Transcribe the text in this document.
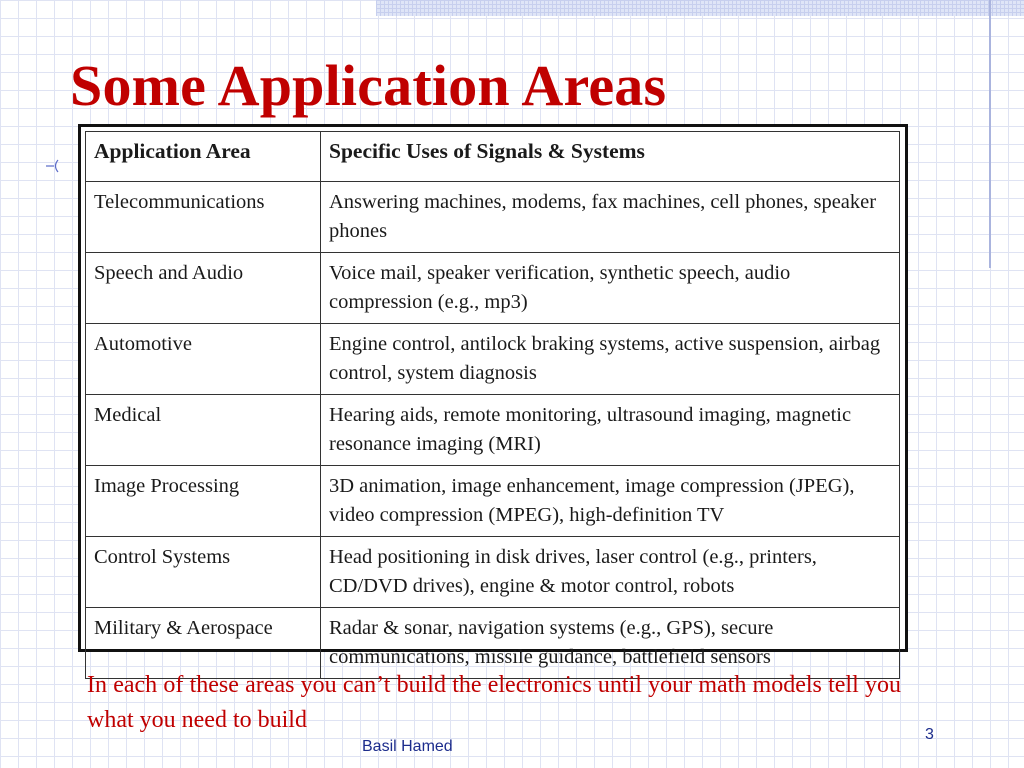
Some Application Areas
Application Area	Specific Uses of Signals & Systems
Telecommunications	Answering machines, modems, fax machines, cell phones, speaker phones
Speech and Audio	Voice mail, speaker verification, synthetic speech, audio compression (e.g., mp3)
Automotive	Engine control, antilock braking systems, active suspension, airbag control, system diagnosis
Medical	Hearing aids, remote monitoring, ultrasound imaging, magnetic resonance imaging (MRI)
Image Processing	3D animation, image enhancement, image compression (JPEG), video compression (MPEG), high-definition TV
Control Systems	Head positioning in disk drives, laser control (e.g., printers, CD/DVD drives), engine & motor control, robots
Military & Aerospace	Radar & sonar, navigation systems (e.g., GPS), secure communications, missile guidance, battlefield sensors

In each of these areas you can’t build the electronics until your math models tell you what you need to build

Basil Hamed
3
